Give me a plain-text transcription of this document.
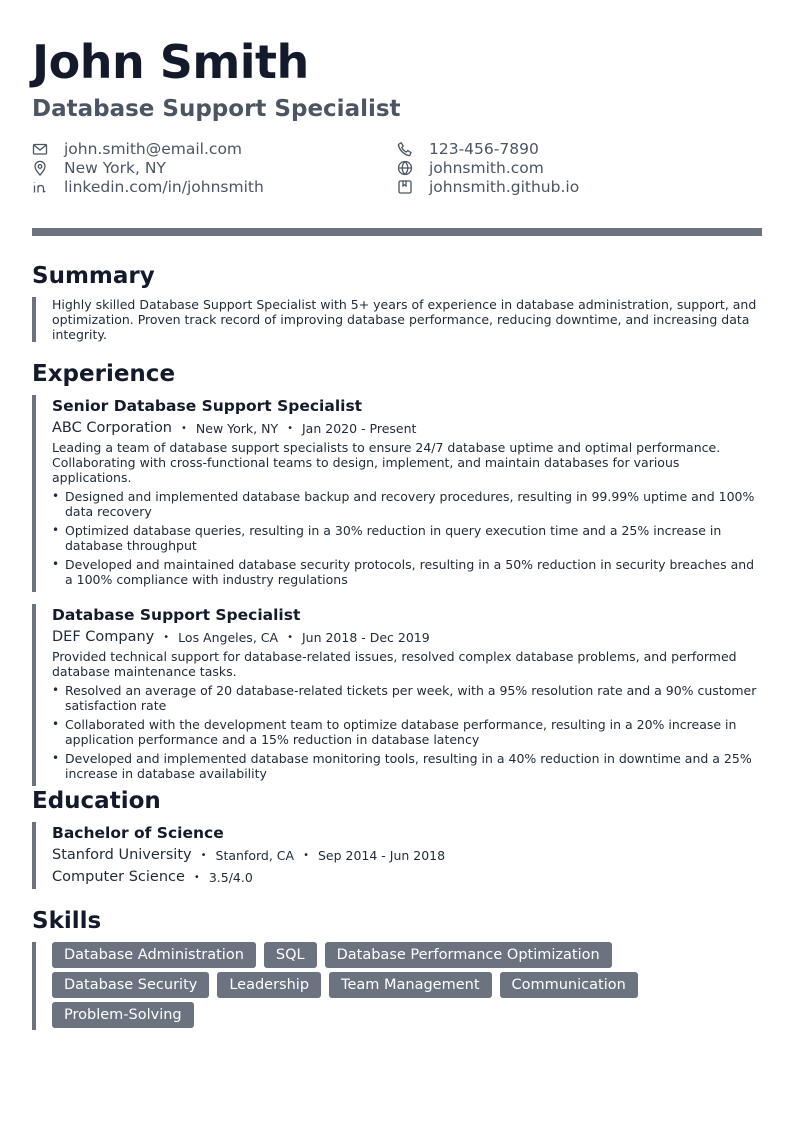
John Smith
Database Support Specialist
john.smith@email.com
New York, NY
linkedin.com/in/johnsmith
123-456-7890
johnsmith.com
johnsmith.github.io
Summary
Highly skilled Database Support Specialist with 5+ years of experience in database administration, support, and optimization. Proven track record of improving database performance, reducing downtime, and increasing data integrity.
Experience
Senior Database Support Specialist
ABC Corporation • New York, NY • Jan 2020 - Present
Leading a team of database support specialists to ensure 24/7 database uptime and optimal performance. Collaborating with cross-functional teams to design, implement, and maintain databases for various applications.
• Designed and implemented database backup and recovery procedures, resulting in 99.99% uptime and 100% data recovery
• Optimized database queries, resulting in a 30% reduction in query execution time and a 25% increase in database throughput
• Developed and maintained database security protocols, resulting in a 50% reduction in security breaches and a 100% compliance with industry regulations
Database Support Specialist
DEF Company • Los Angeles, CA • Jun 2018 - Dec 2019
Provided technical support for database-related issues, resolved complex database problems, and performed database maintenance tasks.
• Resolved an average of 20 database-related tickets per week, with a 95% resolution rate and a 90% customer satisfaction rate
• Collaborated with the development team to optimize database performance, resulting in a 20% increase in application performance and a 15% reduction in database latency
• Developed and implemented database monitoring tools, resulting in a 40% reduction in downtime and a 25% increase in database availability
Education
Bachelor of Science
Stanford University • Stanford, CA • Sep 2014 - Jun 2018
Computer Science • 3.5/4.0
Skills
Database Administration	SQL	Database Performance Optimization
Database Security	Leadership	Team Management	Communication
Problem-Solving
